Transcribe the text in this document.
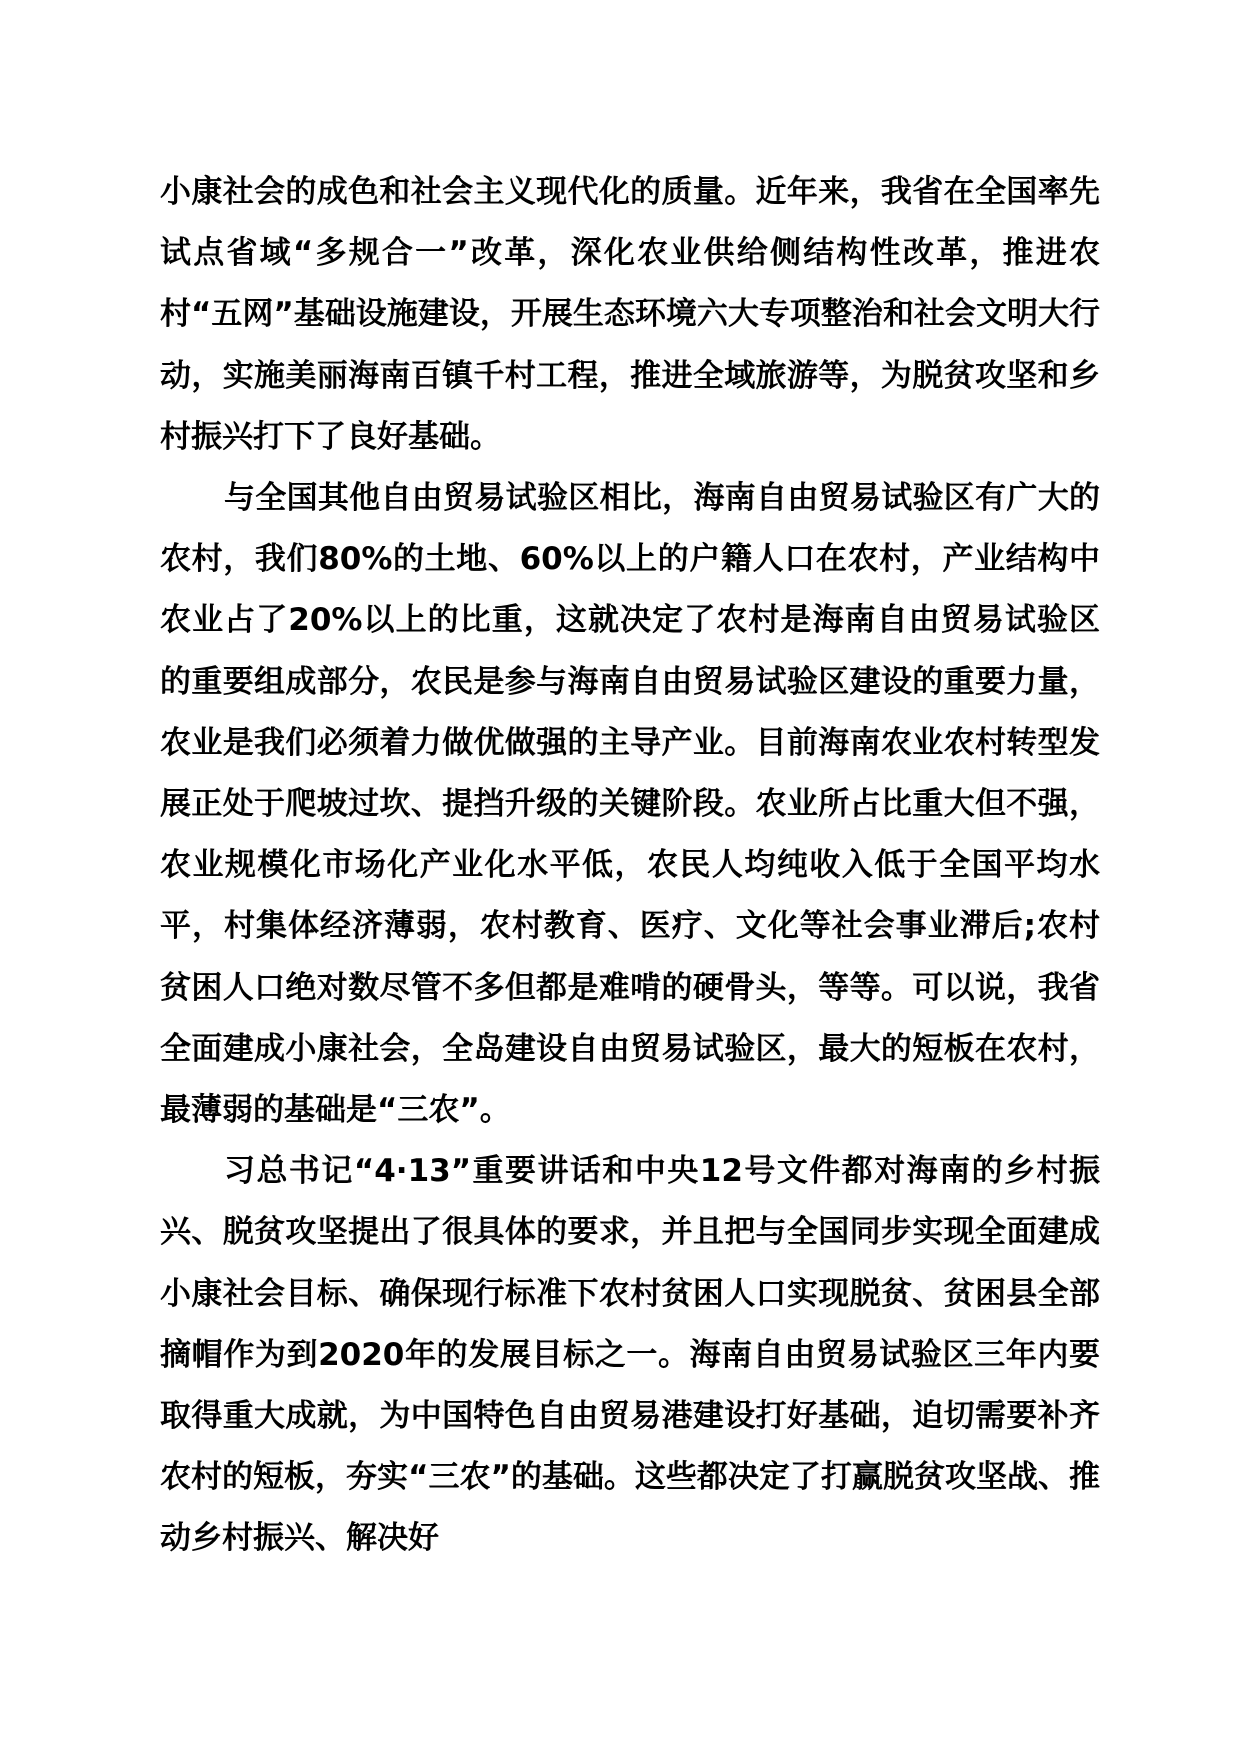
小康社会的成色和社会主义现代化的质量。近年来，我省在全国率先试点省域“多规合一”改革，深化农业供给侧结构性改革，推进农村“五网”基础设施建设，开展生态环境六大专项整治和社会文明大行动，实施美丽海南百镇千村工程，推进全域旅游等，为脱贫攻坚和乡村振兴打下了良好基础。

与全国其他自由贸易试验区相比，海南自由贸易试验区有广大的农村，我们80%的土地、60%以上的户籍人口在农村，产业结构中农业占了20%以上的比重，这就决定了农村是海南自由贸易试验区的重要组成部分，农民是参与海南自由贸易试验区建设的重要力量，农业是我们必须着力做优做强的主导产业。目前海南农业农村转型发展正处于爬坡过坎、提挡升级的关键阶段。农业所占比重大但不强，农业规模化市场化产业化水平低，农民人均纯收入低于全国平均水平，村集体经济薄弱，农村教育、医疗、文化等社会事业滞后;农村贫困人口绝对数尽管不多但都是难啃的硬骨头，等等。可以说，我省全面建成小康社会，全岛建设自由贸易试验区，最大的短板在农村，最薄弱的基础是“三农”。

习总书记“4·13”重要讲话和中央12号文件都对海南的乡村振兴、脱贫攻坚提出了很具体的要求，并且把与全国同步实现全面建成小康社会目标、确保现行标准下农村贫困人口实现脱贫、贫困县全部摘帽作为到2020年的发展目标之一。海南自由贸易试验区三年内要取得重大成就，为中国特色自由贸易港建设打好基础，迫切需要补齐农村的短板，夯实“三农”的基础。这些都决定了打赢脱贫攻坚战、推动乡村振兴、解决好
